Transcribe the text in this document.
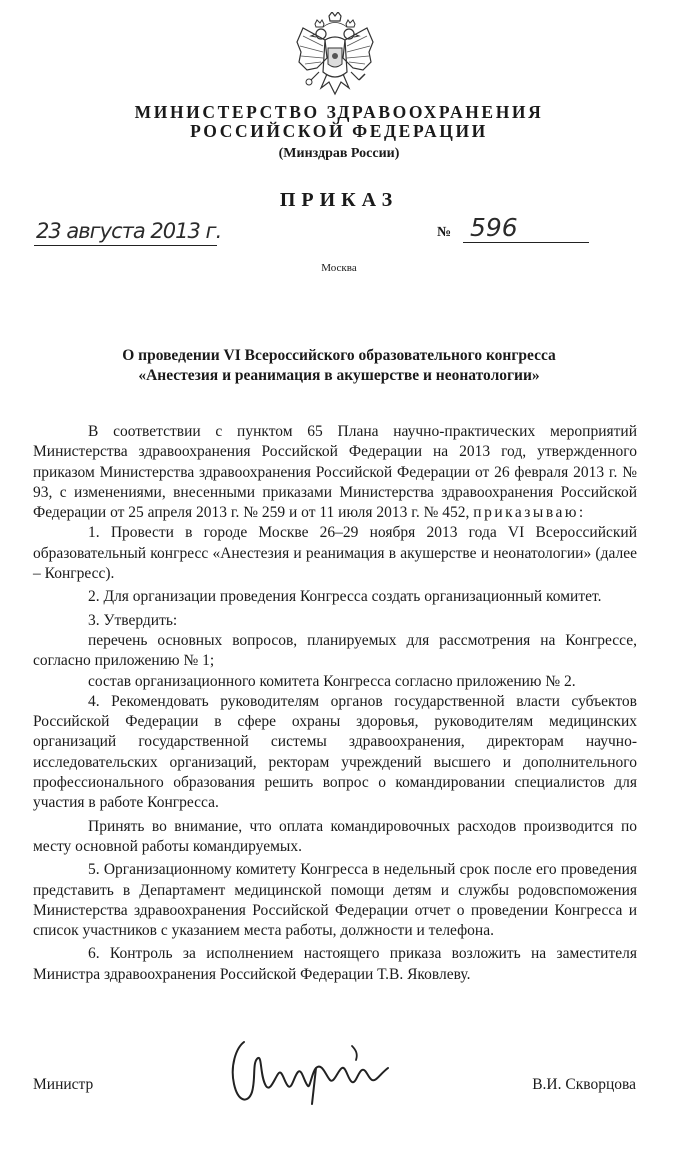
МИНИСТЕРСТВО ЗДРАВООХРАНЕНИЯ
РОССИЙСКОЙ ФЕДЕРАЦИИ
(Минздрав России)
ПРИКАЗ
23 августа 2013 г.	№ 596
Москва
О проведении VI Всероссийского образовательного конгресса
«Анестезия и реанимация в акушерстве и неонатологии»

В соответствии с пунктом 65 Плана научно-практических мероприятий Министерства здравоохранения Российской Федерации на 2013 год, утвержденного приказом Министерства здравоохранения Российской Федерации от 26 февраля 2013 г. № 93, с изменениями, внесенными приказами Министерства здравоохранения Российской Федерации от 25 апреля 2013 г. № 259 и от 11 июля 2013 г. № 452, приказываю:

1. Провести в городе Москве 26–29 ноября 2013 года VI Всероссийский образовательный конгресс «Анестезия и реанимация в акушерстве и неонатологии» (далее – Конгресс).

2. Для организации проведения Конгресса создать организационный комитет.

3. Утвердить:

перечень основных вопросов, планируемых для рассмотрения на Конгрессе, согласно приложению № 1;

состав организационного комитета Конгресса согласно приложению № 2.

4. Рекомендовать руководителям органов государственной власти субъектов Российской Федерации в сфере охраны здоровья, руководителям медицинских организаций государственной системы здравоохранения, директорам научно-исследовательских организаций, ректорам учреждений высшего и дополнительного профессионального образования решить вопрос о командировании специалистов для участия в работе Конгресса.

Принять во внимание, что оплата командировочных расходов производится по месту основной работы командируемых.

5. Организационному комитету Конгресса в недельный срок после его проведения представить в Департамент медицинской помощи детям и службы родовспоможения Министерства здравоохранения Российской Федерации отчет о проведении Конгресса и список участников с указанием места работы, должности и телефона.

6. Контроль за исполнением настоящего приказа возложить на заместителя Министра здравоохранения Российской Федерации Т.В. Яковлеву.

Министр	В.И. Скворцова
